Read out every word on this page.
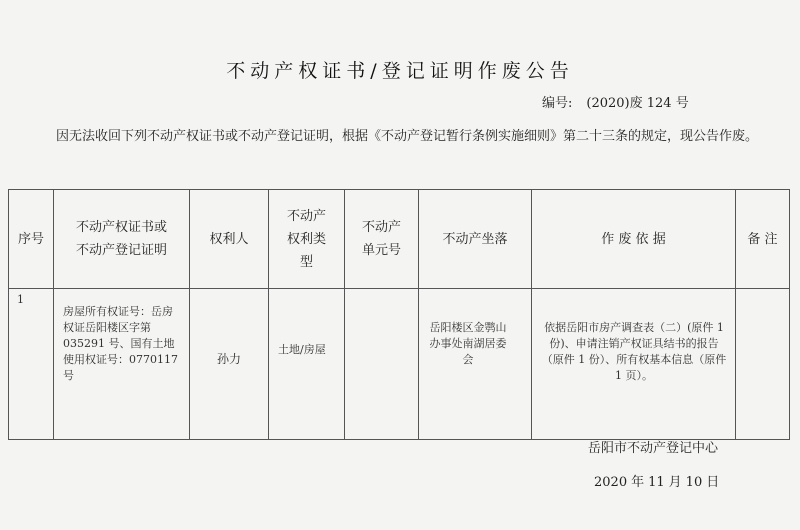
不动产权证书/登记证明作废公告
编号: (2020)废 124 号
因无法收回下列不动产权证书或不动产登记证明，根据《不动产登记暂行条例实施细则》第二十三条的规定，现公告作废。
序号	不动产权证书或不动产登记证明	权利人	不动产权利类型	不动产单元号	不动产坐落	作 废 依 据	备 注

1	房屋所有权证号：岳房权证岳阳楼区字第 035291 号、国有土地使用权证号：0770117 号	孙力	土地/房屋		岳阳楼区金鹗山办事处南湖居委会	依据岳阳市房产调查表（二）(原件 1 份)、申请注销产权证具结书的报告（原件 1 份）、所有权基本信息（原件 1 页）。	

岳阳市不动产登记中心
2020 年 11 月 10 日
